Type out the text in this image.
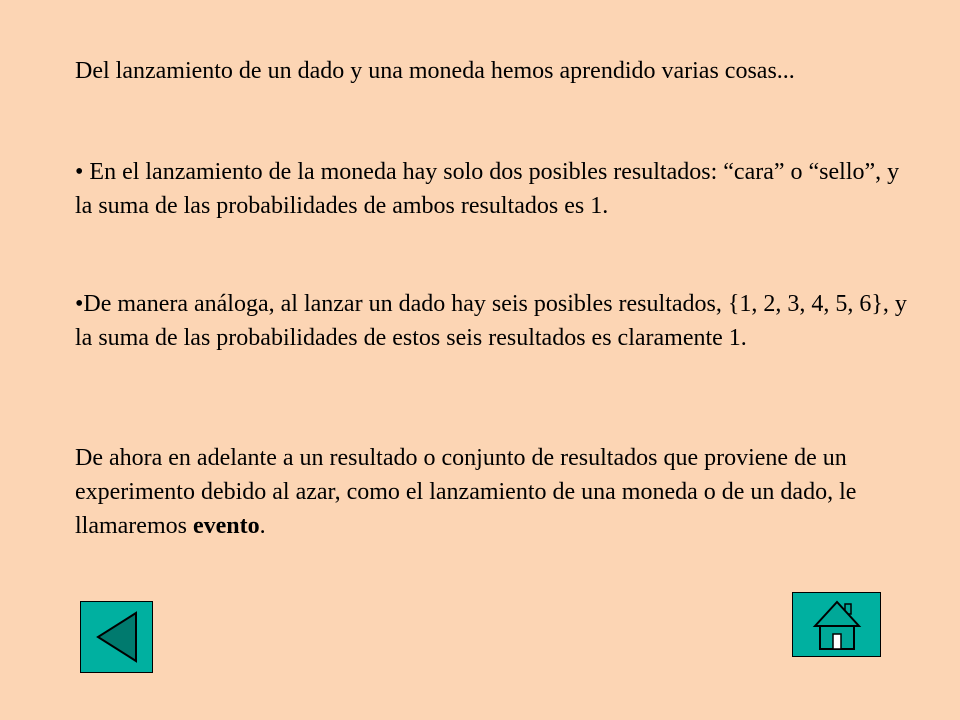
Del lanzamiento de un dado y una moneda hemos aprendido varias cosas...

• En el lanzamiento de la moneda hay solo dos posibles resultados: “cara” o “sello”, y la suma de las probabilidades de ambos resultados es 1.

•De manera análoga, al lanzar un dado hay seis posibles resultados, {1, 2, 3, 4, 5, 6}, y la suma de las probabilidades de estos seis resultados es claramente 1.

De ahora en adelante a un resultado o conjunto de resultados que proviene de un experimento debido al azar, como el lanzamiento de una moneda o de un dado, le llamaremos evento.
